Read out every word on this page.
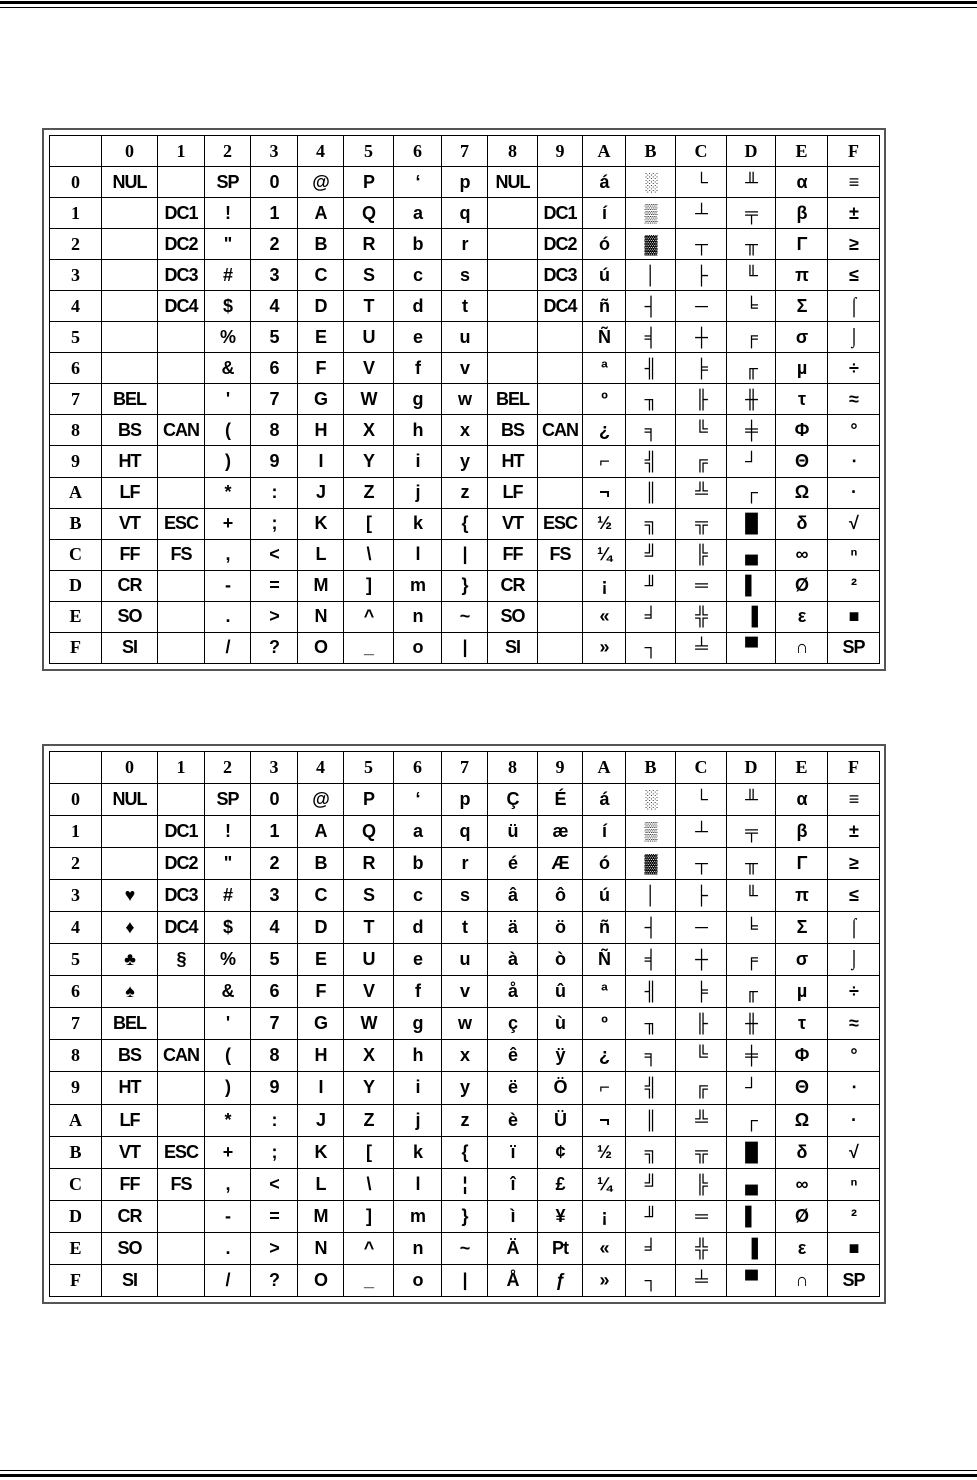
	0	1	2	3	4	5	6	7	8	9	A	B	C	D	E	F
0	NUL		SP	0	@	P	‘	p	NUL		á	░	└	╨	α	≡
1		DC1	!	1	A	Q	a	q		DC1	í	▒	┴	╤	β	±
2		DC2	"	2	B	R	b	r		DC2	ó	▓	┬	╥	Γ	≥
3		DC3	#	3	C	S	c	s		DC3	ú	│	├	╙	π	≤
4		DC4	$	4	D	T	d	t		DC4	ñ	┤	─	╘	Σ	⌠
5			%	5	E	U	e	u			Ñ	╡	┼	╒	σ	⌡
6			&	6	F	V	f	v			ª	╢	╞	╓	µ	÷
7	BEL		'	7	G	W	g	w	BEL		º	╖	╟	╫	τ	≈
8	BS	CAN	(	8	H	X	h	x	BS	CAN	¿	╕	╚	╪	Φ	°
9	HT		)	9	I	Y	i	y	HT		⌐	╣	╔	┘	Θ	∙
A	LF		*	:	J	Z	j	z	LF		¬	║	╩	┌	Ω	·
B	VT	ESC	+	;	K	[	k	{	VT	ESC	½	╗	╦	█	δ	√
C	FF	FS	,	<	L	\	l	|	FF	FS	¼	╝	╠	▄	∞	ⁿ
D	CR		-	=	M	]	m	}	CR		¡	╜	═	▌	Ø	²
E	SO		.	>	N	^	n	~	SO		«	╛	╬	▐	ε	■
F	SI		/	?	O	_	o	|	SI		»	┐	╧	▀	∩	SP
	0	1	2	3	4	5	6	7	8	9	A	B	C	D	E	F
0	NUL		SP	0	@	P	‘	p	Ç	É	á	░	└	╨	α	≡
1		DC1	!	1	A	Q	a	q	ü	æ	í	▒	┴	╤	β	±
2		DC2	"	2	B	R	b	r	é	Æ	ó	▓	┬	╥	Γ	≥
3	♥	DC3	#	3	C	S	c	s	â	ô	ú	│	├	╙	π	≤
4	♦	DC4	$	4	D	T	d	t	ä	ö	ñ	┤	─	╘	Σ	⌠
5	♣	§	%	5	E	U	e	u	à	ò	Ñ	╡	┼	╒	σ	⌡
6	♠		&	6	F	V	f	v	å	û	ª	╢	╞	╓	µ	÷
7	BEL		'	7	G	W	g	w	ç	ù	º	╖	╟	╫	τ	≈
8	BS	CAN	(	8	H	X	h	x	ê	ÿ	¿	╕	╚	╪	Φ	°
9	HT		)	9	I	Y	i	y	ë	Ö	⌐	╣	╔	┘	Θ	∙
A	LF		*	:	J	Z	j	z	è	Ü	¬	║	╩	┌	Ω	·
B	VT	ESC	+	;	K	[	k	{	ï	¢	½	╗	╦	█	δ	√
C	FF	FS	,	<	L	\	l	¦	î	£	¼	╝	╠	▄	∞	ⁿ
D	CR		-	=	M	]	m	}	ì	¥	¡	╜	═	▌	Ø	²
E	SO		.	>	N	^	n	~	Ä	Pt	«	╛	╬	▐	ε	■
F	SI		/	?	O	_	o	|	Å	ƒ	»	┐	╧	▀	∩	SP
